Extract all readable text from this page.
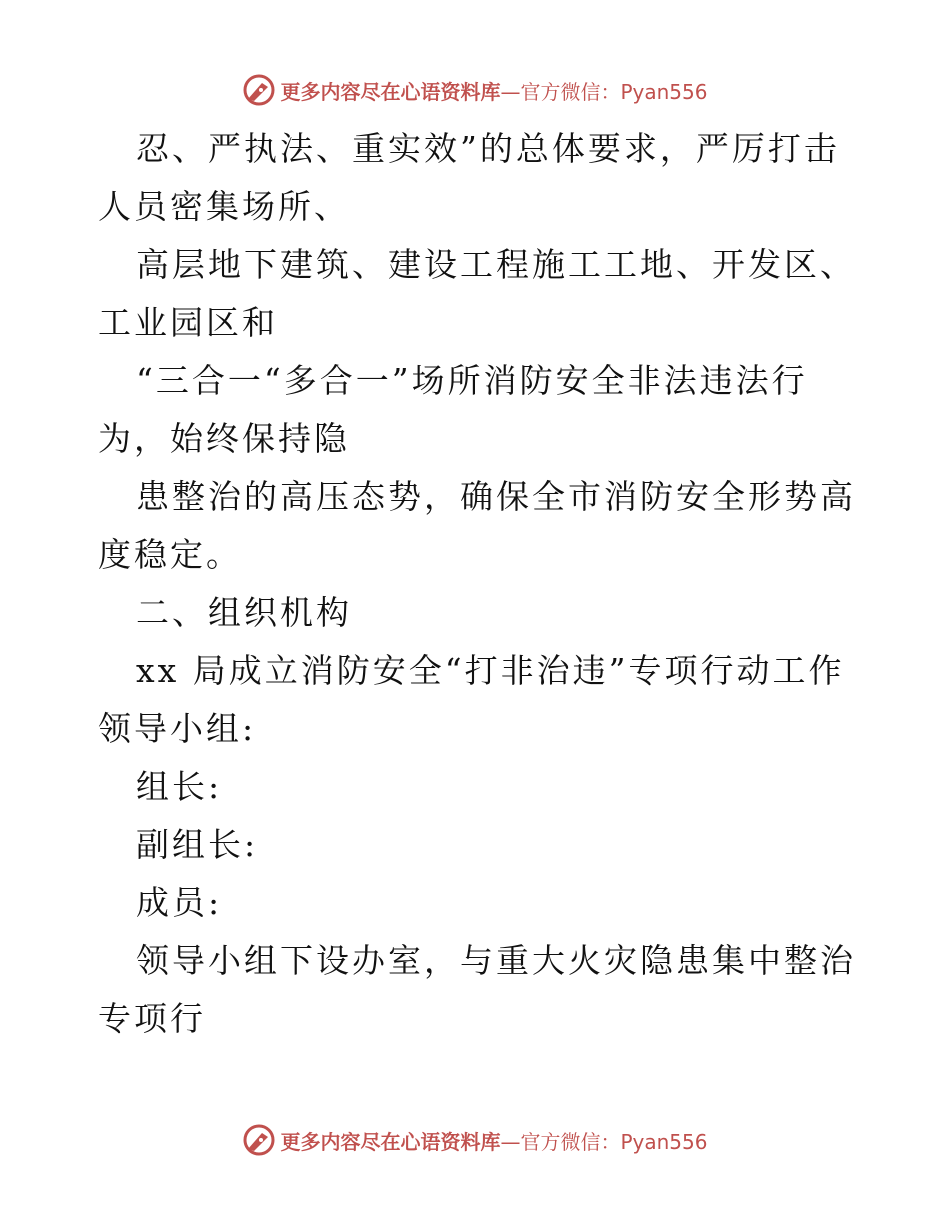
更多内容尽在心语资料库 —官方微信：Pyan556

忍、严执法、重实效”的总体要求，严厉打击人员密集场所、

高层地下建筑、建设工程施工工地、开发区、工业园区和

“三合一“多合一”场所消防安全非法违法行为，始终保持隐

患整治的高压态势，确保全市消防安全形势高度稳定。

二、组织机构

xx 局成立消防安全“打非治违”专项行动工作领导小组:

组长:

副组长:

成员:

领导小组下设办室，与重大火灾隐患集中整治专项行

更多内容尽在心语资料库 —官方微信：Pyan556
